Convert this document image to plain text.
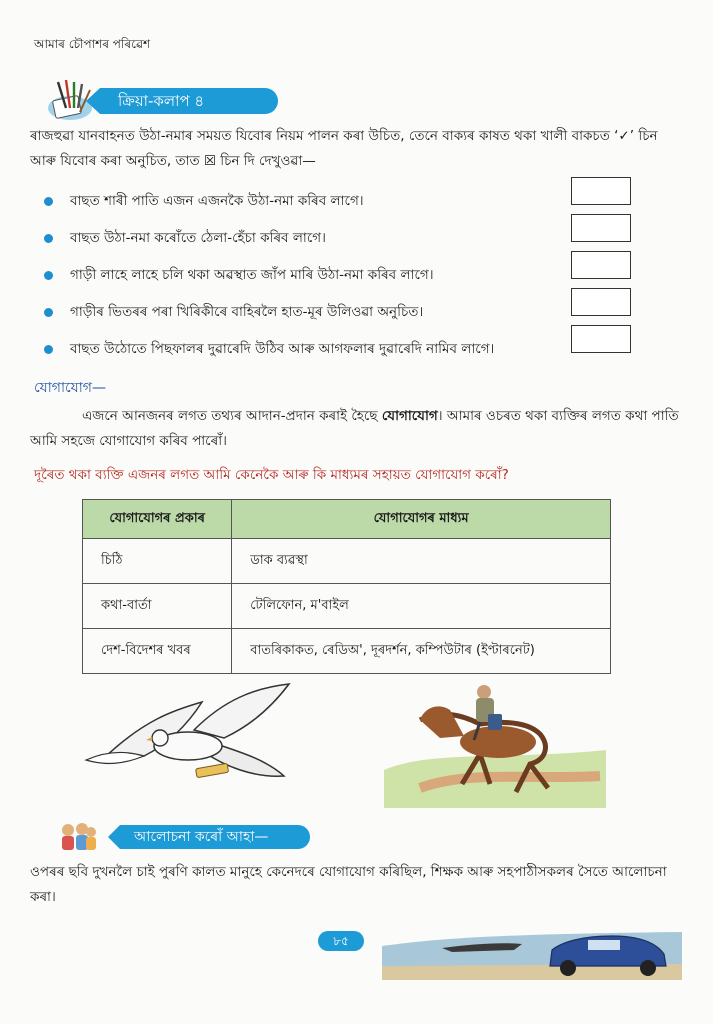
আমাৰ চৌপাশৰ পৰিৱেশ
ক্রিয়া-কলাপ ৪
ৰাজহুৱা যানবাহনত উঠা-নমাৰ সময়ত যিবোৰ নিয়ম পালন কৰা উচিত, তেনে বাক্যৰ কাষত থকা খালী বাকচত ‘✓’ চিন আৰু যিবোৰ কৰা অনুচিত, তাত ☒ চিন দি দেখুওৱা—
বাছত শাৰী পাতি এজন এজনকৈ উঠা-নমা কৰিব লাগে।
বাছত উঠা-নমা কৰোঁতে ঠেলা-হেঁচা কৰিব লাগে।
গাড়ী লাহে লাহে চলি থকা অৱস্থাত জাঁপ মাৰি উঠা-নমা কৰিব লাগে।
গাড়ীৰ ভিতৰৰ পৰা খিৰিকীৰে বাহিৰলৈ হাত-মূৰ উলিওৱা অনুচিত।
বাছত উঠোতে পিছফালৰ দুৱাৰেদি উঠিব আৰু আগফলাৰ দুৱাৰেদি নামিব লাগে।
যোগাযোগ—
এজনে আনজনৰ লগত তথ্যৰ আদান-প্ৰদান কৰাই হৈছে যোগাযোগ। আমাৰ ওচৰত থকা ব্যক্তিৰ লগত কথা পাতি আমি সহজে যোগাযোগ কৰিব পাৰোঁ।
দূৰৈত থকা ব্যক্তি এজনৰ লগত আমি কেনেকৈ আৰু কি মাধ্যমৰ সহায়ত যোগাযোগ কৰোঁ?
যোগাযোগৰ প্ৰকাৰ	যোগাযোগৰ মাধ্যম
চিঠি	ডাক ব্যৱস্থা
কথা-বাৰ্তা	টেলিফোন, ম'বাইল
দেশ-বিদেশৰ খবৰ	বাতৰিকাকত, ৰেডিঅ', দূৰদৰ্শন, কম্পিউটাৰ (ইণ্টাৰনেট)
আলোচনা কৰোঁ আহা—
ওপৰৰ ছবি দুখনলৈ চাই পুৰণি কালত মানুহে কেনেদৰে যোগাযোগ কৰিছিল, শিক্ষক আৰু সহপাঠীসকলৰ সৈতে আলোচনা কৰা।
৮৫
